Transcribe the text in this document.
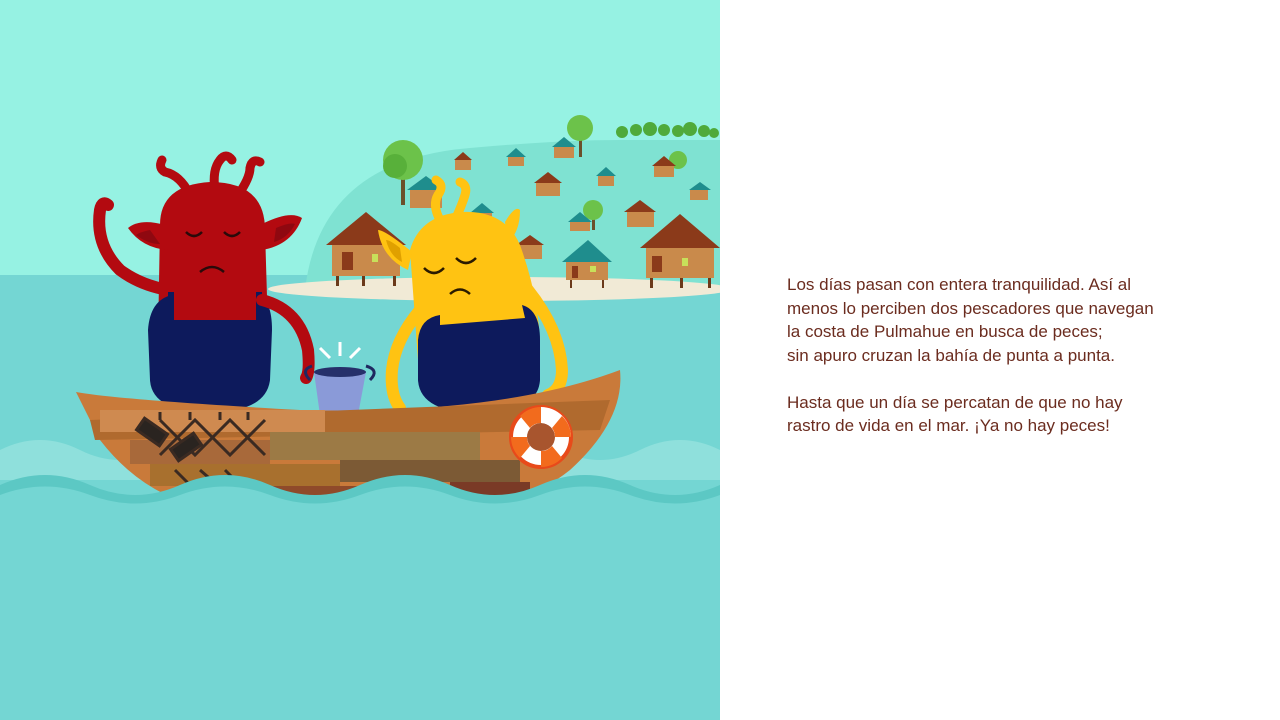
Los días pasan con entera tranquilidad. Así al
menos lo perciben dos pescadores que navegan
la costa de Pulmahue en busca de peces;
sin apuro cruzan la bahía de punta a punta.

Hasta que un día se percatan de que no hay
rastro de vida en el mar. ¡Ya no hay peces!
